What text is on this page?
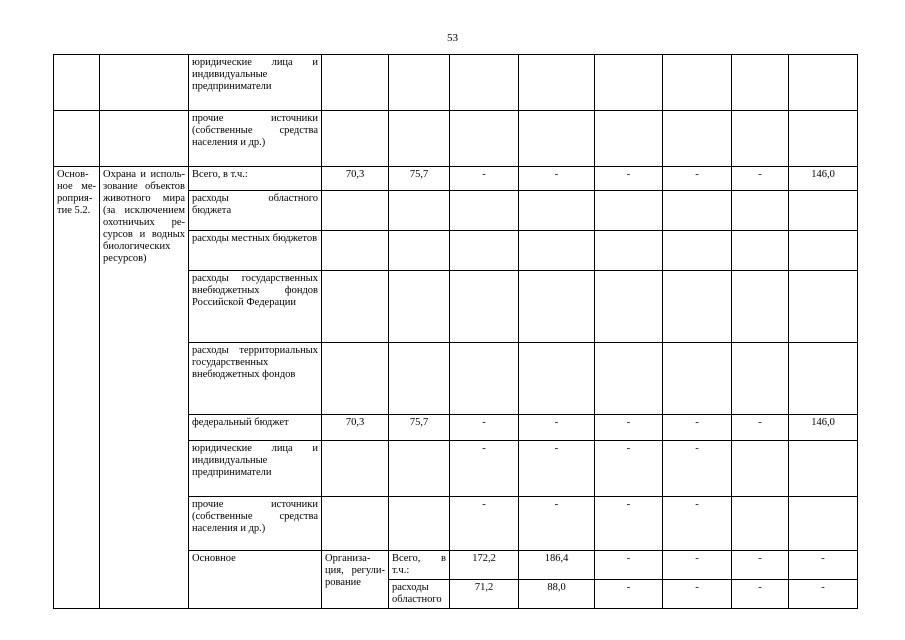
53
		юридические лица и индивидуальные предприниматели									
		прочие источники (собственные средства населения и др.)									
Основное мероприятие 5.2.	Охрана и использование объектов животного мира (за исключением охотничьих ресурсов и водных биологических ресурсов)	Всего, в т.ч.:	70,3	75,7	-	-	-	-	-	146,0	
		расходы областного бюджета									
		расходы местных бюджетов									
		расходы государственных внебюджетных фондов Российской Федерации									
		расходы территориальных государственных внебюджетных фондов									
		федеральный бюджет	70,3	75,7	-	-	-	-	-	146,0	
		юридические лица и индивидуальные предприниматели			-	-	-	-			
		прочие источники (собственные средства населения и др.)			-	-	-	-			
		Основное	Организация, регулирование	Всего, в т.ч.:	172,2	186,4	-	-	-	-		
				расходы областного	71,2	88,0	-	-	-	-		
